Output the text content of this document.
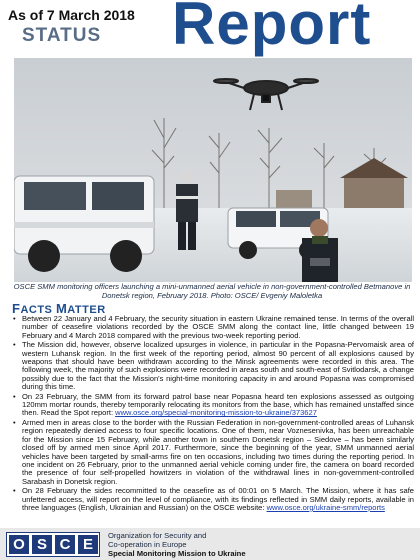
As of 7 March 2018
STATUS Report
OSCE SMM monitoring officers launching a mini-unmanned aerial vehicle in non-government-controlled Betmanove in Donetsk region, February 2018. Photo: OSCE/ Evgeniy Maloletka
FACTS MATTER
• Between 22 January and 4 February, the security situation in eastern Ukraine remained tense. In terms of the overall number of ceasefire violations recorded by the OSCE SMM along the contact line, little changed between 19 February and 4 March 2018 compared with the previous two-week reporting period.
• The Mission did, however, observe localized upsurges in violence, in particular in the Popasna-Pervomaisk area of western Luhansk region. In the first week of the reporting period, almost 90 percent of all explosions caused by weapons that should have been withdrawn according to the Minsk agreements were recorded in this area. The following week, the majority of such explosions were recorded in areas south and south-east of Svitlodarsk, a change possibly due to the fact that the Mission's night-time monitoring capacity in and around Popasna was compromised during this time.
• On 23 February, the SMM from its forward patrol base near Popasna heard ten explosions assessed as outgoing 120mm mortar rounds, thereby temporarily relocating its monitors from the base, which has remained unstaffed since then. Read the Spot report: www.osce.org/special-monitoring-mission-to-ukraine/373627
• Armed men in areas close to the border with the Russian Federation in non-government-controlled areas of Luhansk region repeatedly denied access to four specific locations. One of them, near Voznesenivka, has been unreachable for the Mission since 15 February, while another town in southern Donetsk region – Siedove – has been similarly closed off by armed men since April 2017. Furthermore, since the beginning of the year, SMM unmanned aerial vehicles have been targeted by small-arms fire on ten occasions, including two times during the reporting period. In one incident on 26 February, prior to the unmanned aerial vehicle coming under fire, the camera on board recorded the presence of four self-propelled howitzers in violation of the withdrawal lines in non-government-controlled Sarabash in Donetsk region.
• On 28 February the sides recommitted to the ceasefire as of 00:01 on 5 March. The Mission, where it has safe unfettered access, will report on the level of compliance, with its findings reflected in SMM daily reports, available in three languages (English, Ukrainian and Russian) on the OSCE website: www.osce.org/ukraine-smm/reports
O S C E
Organization for Security and
Co-operation in Europe
Special Monitoring Mission to Ukraine
